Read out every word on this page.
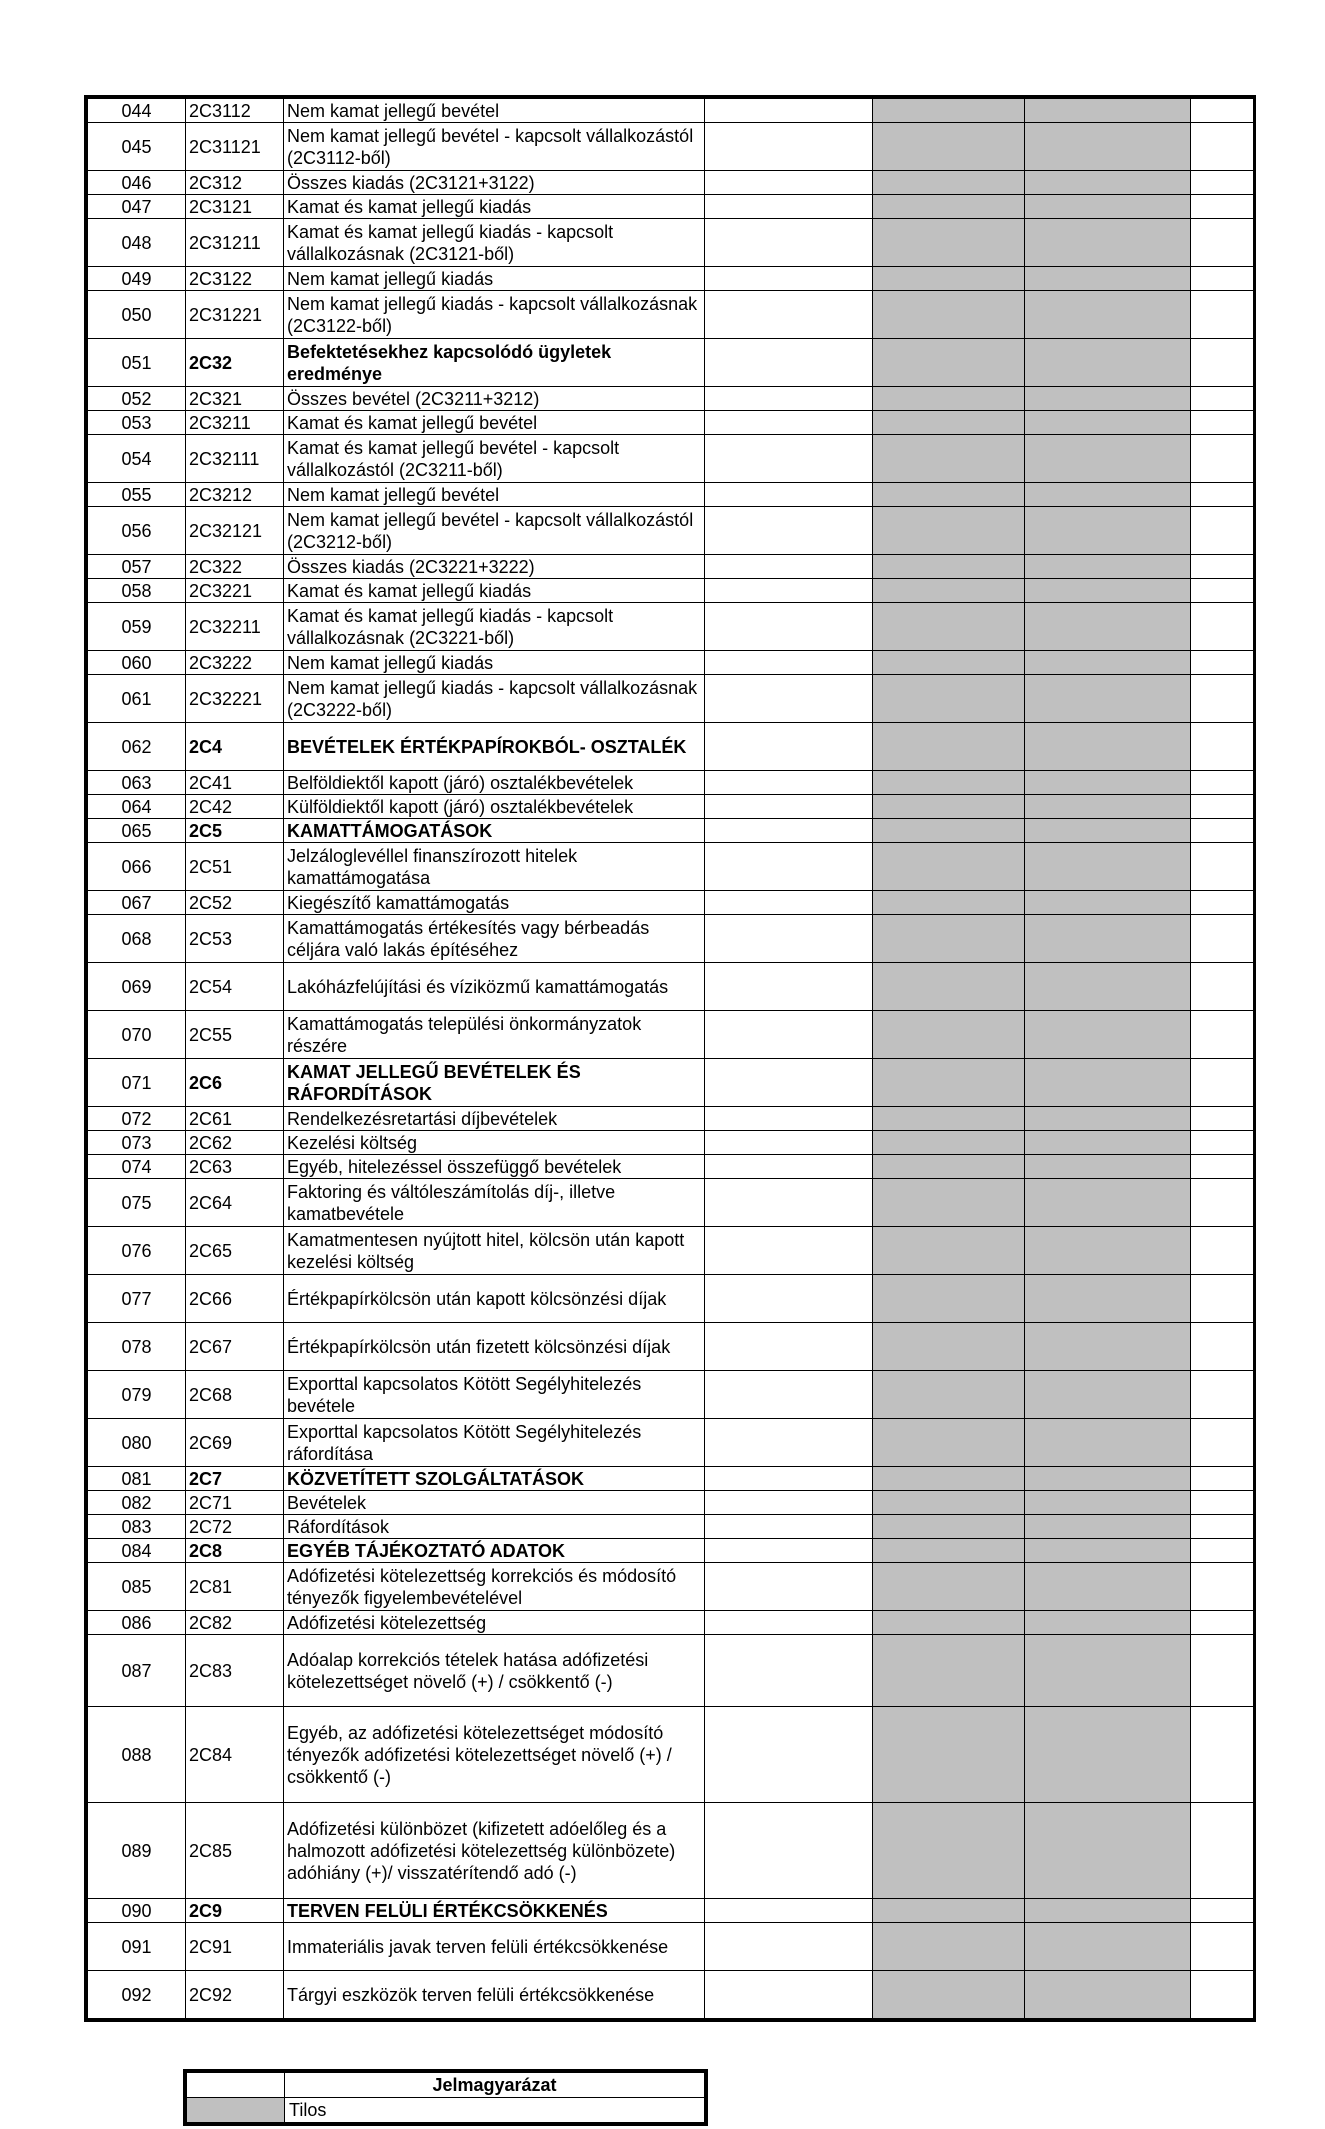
044	2C3112	Nem kamat jellegű bevétel				
045	2C31121	Nem kamat jellegű bevétel - kapcsolt vállalkozástól (2C3112-ből)				
046	2C312	Összes kiadás (2C3121+3122)				
047	2C3121	Kamat és kamat jellegű kiadás				
048	2C31211	Kamat és kamat jellegű kiadás - kapcsolt vállalkozásnak (2C3121-ből)				
049	2C3122	Nem kamat jellegű kiadás				
050	2C31221	Nem kamat jellegű kiadás - kapcsolt vállalkozásnak (2C3122-ből)				
051	2C32	Befektetésekhez kapcsolódó ügyletek eredménye				
052	2C321	Összes bevétel (2C3211+3212)				
053	2C3211	Kamat és kamat jellegű bevétel				
054	2C32111	Kamat és kamat jellegű bevétel - kapcsolt vállalkozástól (2C3211-ből)				
055	2C3212	Nem kamat jellegű bevétel				
056	2C32121	Nem kamat jellegű bevétel - kapcsolt vállalkozástól (2C3212-ből)				
057	2C322	Összes kiadás (2C3221+3222)				
058	2C3221	Kamat és kamat jellegű kiadás				
059	2C32211	Kamat és kamat jellegű kiadás - kapcsolt vállalkozásnak (2C3221-ből)				
060	2C3222	Nem kamat jellegű kiadás				
061	2C32221	Nem kamat jellegű kiadás - kapcsolt vállalkozásnak (2C3222-ből)				
062	2C4	BEVÉTELEK ÉRTÉKPAPÍROKBÓL- OSZTALÉK				
063	2C41	Belföldiektől kapott (járó) osztalékbevételek				
064	2C42	Külföldiektől kapott (járó) osztalékbevételek				
065	2C5	KAMATTÁMOGATÁSOK				
066	2C51	Jelzáloglevéllel finanszírozott hitelek kamattámogatása				
067	2C52	Kiegészítő kamattámogatás				
068	2C53	Kamattámogatás értékesítés vagy bérbeadás céljára való lakás építéséhez				
069	2C54	Lakóházfelújítási és víziközmű kamattámogatás				
070	2C55	Kamattámogatás települési önkormányzatok részére				
071	2C6	KAMAT JELLEGŰ BEVÉTELEK ÉS RÁFORDÍTÁSOK				
072	2C61	Rendelkezésretartási díjbevételek				
073	2C62	Kezelési költség				
074	2C63	Egyéb, hitelezéssel összefüggő bevételek				
075	2C64	Faktoring és váltóleszámítolás díj-, illetve kamatbevétele				
076	2C65	Kamatmentesen nyújtott hitel, kölcsön után kapott kezelési költség				
077	2C66	Értékpapírkölcsön után kapott kölcsönzési díjak				
078	2C67	Értékpapírkölcsön után fizetett kölcsönzési díjak				
079	2C68	Exporttal kapcsolatos Kötött Segélyhitelezés bevétele				
080	2C69	Exporttal kapcsolatos Kötött Segélyhitelezés ráfordítása				
081	2C7	KÖZVETÍTETT SZOLGÁLTATÁSOK				
082	2C71	Bevételek				
083	2C72	Ráfordítások				
084	2C8	EGYÉB TÁJÉKOZTATÓ ADATOK				
085	2C81	Adófizetési kötelezettség korrekciós és módosító tényezők figyelembevételével				
086	2C82	Adófizetési kötelezettség				
087	2C83	Adóalap korrekciós tételek hatása adófizetési kötelezettséget növelő (+) / csökkentő (-)				
088	2C84	Egyéb, az adófizetési kötelezettséget módosító tényezők adófizetési kötelezettséget növelő (+) / csökkentő (-)				
089	2C85	Adófizetési különbözet (kifizetett adóelőleg és a halmozott adófizetési kötelezettség különbözete) adóhiány (+)/ visszatérítendő adó (-)				
090	2C9	TERVEN FELÜLI ÉRTÉKCSÖKKENÉS				
091	2C91	Immateriális javak terven felüli értékcsökkenése				
092	2C92	Tárgyi eszközök terven felüli értékcsökkenése				
	Jelmagyarázat
	Tilos
